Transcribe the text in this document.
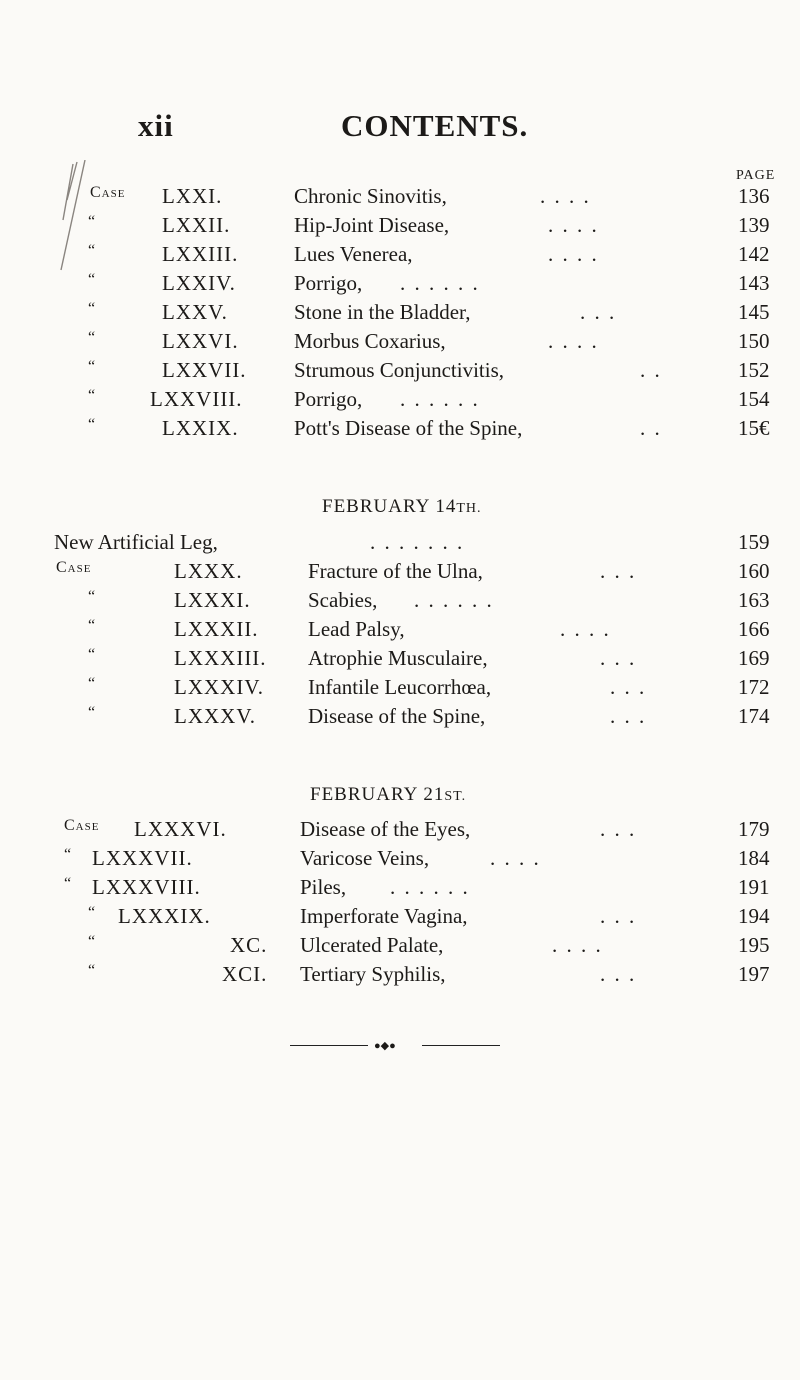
xii	CONTENTS.
PAGE
Case LXXI.	Chronic Sinovitis,	. . . .	136
“	LXXII.	Hip-Joint Disease,	. . . .	139
“	LXXIII.	Lues Venerea,	. . . .	142
“	LXXIV.	Porrigo, . . . . . .	143
“	LXXV.	Stone in the Bladder,	. . .	145
“	LXXVI.	Morbus Coxarius,	. . . .	150
“	LXXVII. Strumous Conjunctivitis,	. .	152
“	LXXVIII. Porrigo, . . . . . .	154
“	LXXIX.	Pott's Disease of the Spine,	. .	15€
FEBRUARY 14TH.
New Artificial Leg,	. . . . . . .	159
Case	LXXX.	Fracture of the Ulna,	. . .	160
“	LXXXI.	Scabies, . . . . . .	163
“	LXXXII. Lead Palsy,	. . . .	166
“	LXXXIII. Atrophie Musculaire,	. . .	169
“	LXXXIV. Infantile Leucorrhœa,	. . .	172
“	LXXXV. Disease of the Spine,	. . .	174
FEBRUARY 21ST.
Case LXXXVI.	Disease of the Eyes,	. . .	179
“ LXXXVII.	Varicose Veins,	. . . .	184
“ LXXXVIII.	Piles, . . . . . .	191
“ LXXXIX.	Imperforate Vagina,	. . .	194
“	XC. Ulcerated Palate,	. . . .	195
“	XCI. Tertiary Syphilis,	. . .	197
●◆●
